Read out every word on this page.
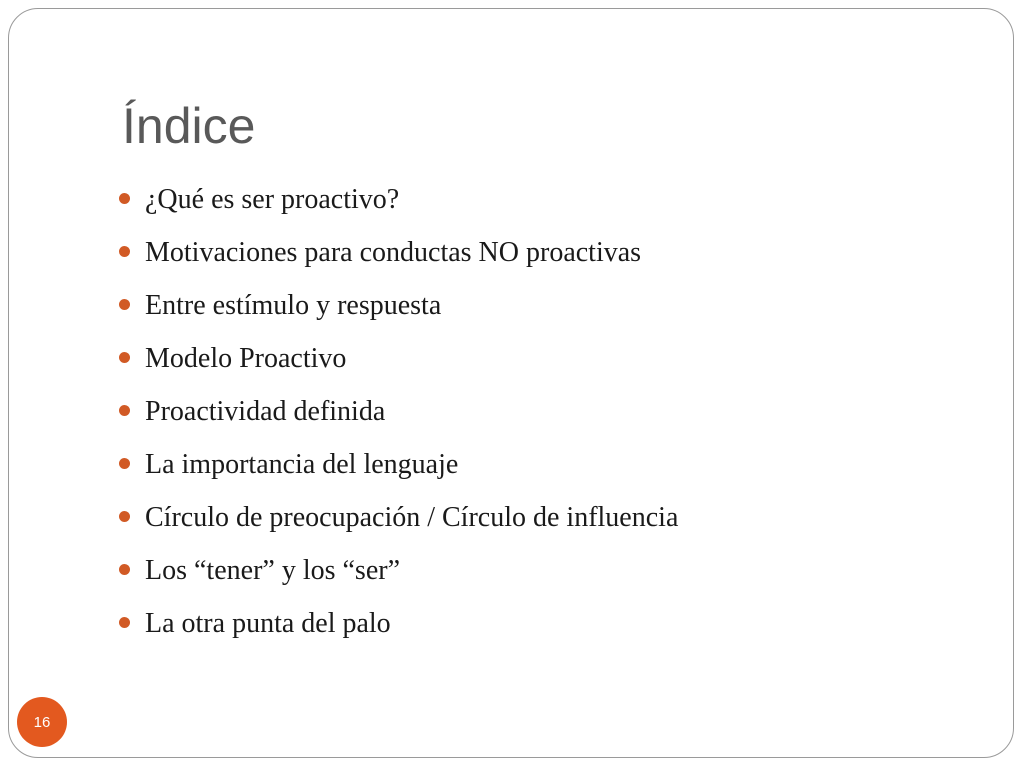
Índice
¿Qué es ser proactivo?
Motivaciones para conductas NO proactivas
Entre estímulo y respuesta
Modelo Proactivo
Proactividad definida
La importancia del lenguaje
Círculo de preocupación / Círculo de influencia
Los “tener” y los “ser”
La otra punta del palo
16
